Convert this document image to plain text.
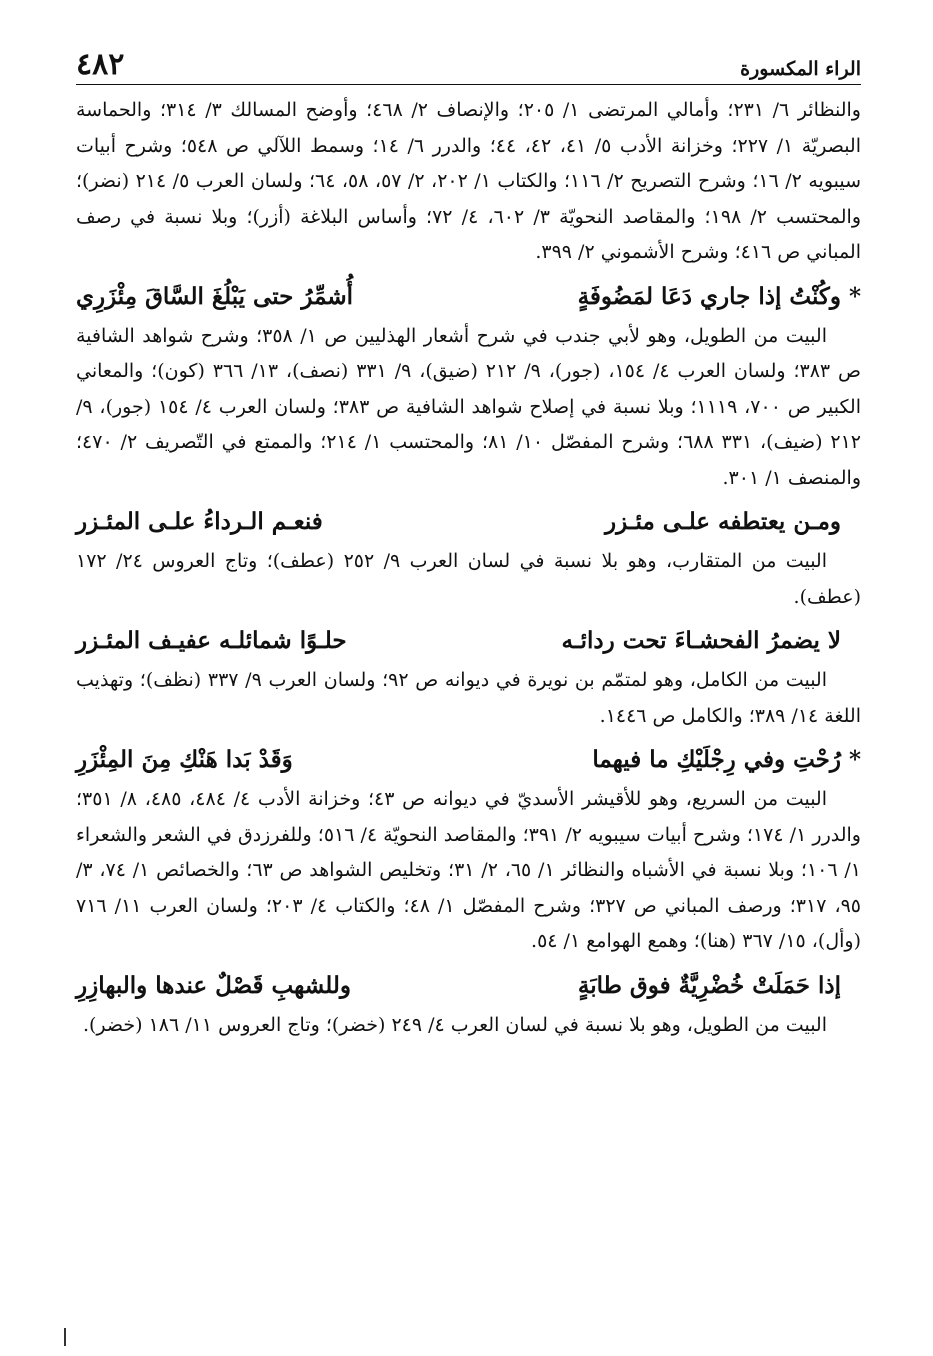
الراء المكسورة
٤٨٢

والنظائر ٦/ ٢٣١؛ وأمالي المرتضى ١/ ٢٠٥؛ والإنصاف ٢/ ٤٦٨؛ وأوضح المسالك ٣/ ٣١٤؛ والحماسة البصريّة ١/ ٢٢٧؛ وخزانة الأدب ٥/ ٤١، ٤٢، ٤٤؛ والدرر ٦/ ١٤؛ وسمط اللآلي ص ٥٤٨؛ وشرح أبيات سيبويه ٢/ ١٦؛ وشرح التصريح ٢/ ١١٦؛ والكتاب ١/ ٢٠٢، ٢/ ٥٧، ٥٨، ٦٤؛ ولسان العرب ٥/ ٢١٤ (نضر)؛ والمحتسب ٢/ ١٩٨؛ والمقاصد النحويّة ٣/ ٦٠٢، ٤/ ٧٢؛ وأساس البلاغة (أزر)؛ وبلا نسبة في رصف المباني ص ٤١٦؛ وشرح الأشموني ٢/ ٣٩٩.

*
وكُنْتُ إذا جاري دَعَا لمَضُوفَةٍ
أُشمِّرُ حتى يَبْلُغَ السَّاقَ مِئْزَرِي

البيت من الطويل، وهو لأبي جندب في شرح أشعار الهذليين ص ١/ ٣٥٨؛ وشرح شواهد الشافية ص ٣٨٣؛ ولسان العرب ٤/ ١٥٤، (جور)، ٩/ ٢١٢ (ضيق)، ٩/ ٣٣١ (نصف)، ١٣/ ٣٦٦ (كون)؛ والمعاني الكبير ص ٧٠٠، ١١١٩؛ وبلا نسبة في إصلاح شواهد الشافية ص ٣٨٣؛ ولسان العرب ٤/ ١٥٤ (جور)، ٩/ ٢١٢ (ضيف)، ٣٣١ ٦٨٨؛ وشرح المفصّل ١٠/ ٨١؛ والمحتسب ١/ ٢١٤؛ والممتع في التّصريف ٢/ ٤٧٠؛ والمنصف ١/ ٣٠١.

ومـن يعتطفه علـى مئـزر
فنعـم الـرداءُ علـى المئـزر

البيت من المتقارب، وهو بلا نسبة في لسان العرب ٩/ ٢٥٢ (عطف)؛ وتاج العروس ٢٤/ ١٧٢ (عطف).

لا يضمرُ الفحشـاءَ تحت ردائـه
حلـوًا شمائلـه عفيـف المئـزر

البيت من الكامل، وهو لمتمّم بن نويرة في ديوانه ص ٩٢؛ ولسان العرب ٩/ ٣٣٧ (نظف)؛ وتهذيب اللغة ١٤/ ٣٨٩؛ والكامل ص ١٤٤٦.

*
رُحْتِ وفي رِجْلَيْكِ ما فيهما
وَقَدْ بَدا هَنْكِ مِنَ المِئْزَرِ

البيت من السريع، وهو للأقيشر الأسديّ في ديوانه ص ٤٣؛ وخزانة الأدب ٤/ ٤٨٤، ٤٨٥، ٨/ ٣٥١؛ والدرر ١/ ١٧٤؛ وشرح أبيات سيبويه ٢/ ٣٩١؛ والمقاصد النحويّة ٤/ ٥١٦؛ وللفرزدق في الشعر والشعراء ١/ ١٠٦؛ وبلا نسبة في الأشباه والنظائر ١/ ٦٥، ٢/ ٣١؛ وتخليص الشواهد ص ٦٣؛ والخصائص ١/ ٧٤، ٣/ ٩٥، ٣١٧؛ ورصف المباني ص ٣٢٧؛ وشرح المفصّل ١/ ٤٨؛ والكتاب ٤/ ٢٠٣؛ ولسان العرب ١١/ ٧١٦ (وأل)، ١٥/ ٣٦٧ (هنا)؛ وهمع الهوامع ١/ ٥٤.

إذا حَمَلَتْ خُضْرِيَّةٌ فوق طابَةٍ
وللشهبِ قَصْلٌ عندها والبهازِرِ

البيت من الطويل، وهو بلا نسبة في لسان العرب ٤/ ٢٤٩ (خضر)؛ وتاج العروس ١١/ ١٨٦ (خضر).
